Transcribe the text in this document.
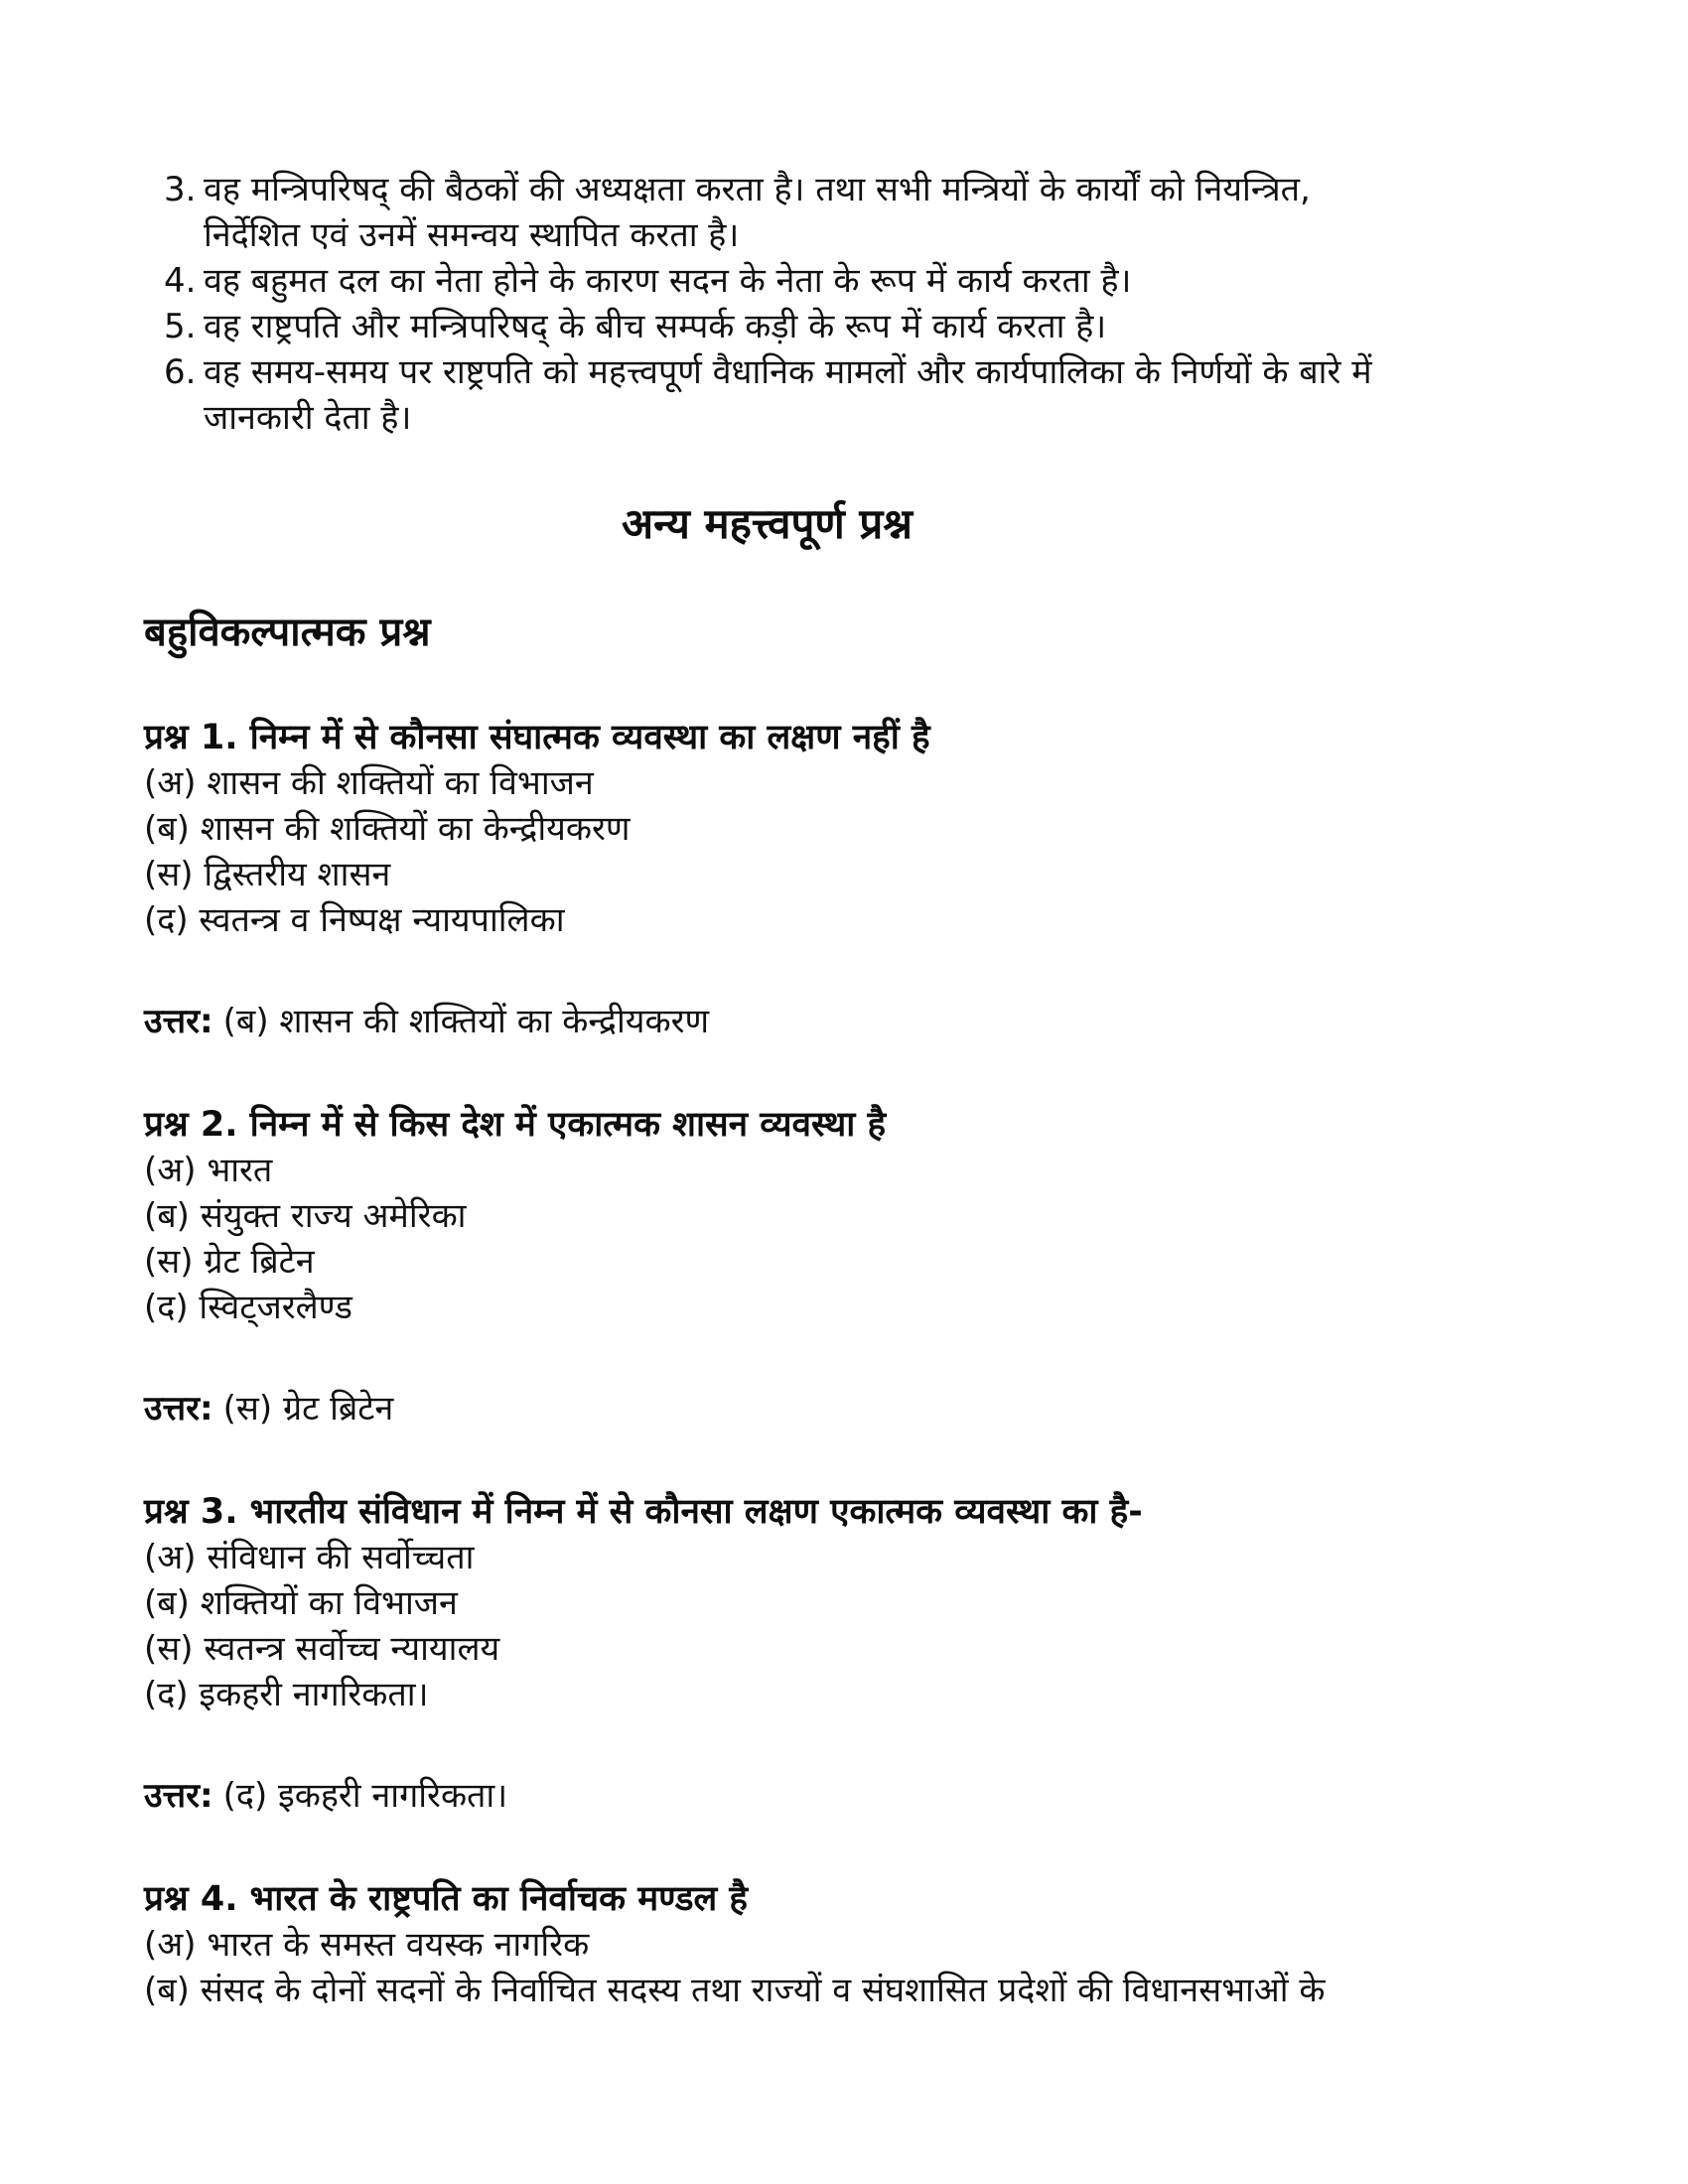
3. वह मन्त्रिपरिषद् की बैठकों की अध्यक्षता करता है। तथा सभी मन्त्रियों के कार्यों को नियन्त्रित, निर्देशित एवं उनमें समन्वय स्थापित करता है।
4. वह बहुमत दल का नेता होने के कारण सदन के नेता के रूप में कार्य करता है।
5. वह राष्ट्रपति और मन्त्रिपरिषद् के बीच सम्पर्क कड़ी के रूप में कार्य करता है।
6. वह समय-समय पर राष्ट्रपति को महत्त्वपूर्ण वैधानिक मामलों और कार्यपालिका के निर्णयों के बारे में जानकारी देता है।
अन्य महत्त्वपूर्ण प्रश्न
बहुविकल्पात्मक प्रश्न
प्रश्न 1. निम्न में से कौनसा संघात्मक व्यवस्था का लक्षण नहीं है
(अ) शासन की शक्तियों का विभाजन
(ब) शासन की शक्तियों का केन्द्रीयकरण
(स) द्विस्तरीय शासन
(द) स्वतन्त्र व निष्पक्ष न्यायपालिका
उत्तर: (ब) शासन की शक्तियों का केन्द्रीयकरण
प्रश्न 2. निम्न में से किस देश में एकात्मक शासन व्यवस्था है
(अ) भारत
(ब) संयुक्त राज्य अमेरिका
(स) ग्रेट ब्रिटेन
(द) स्विट्जरलैण्ड
उत्तर: (स) ग्रेट ब्रिटेन
प्रश्न 3. भारतीय संविधान में निम्न में से कौनसा लक्षण एकात्मक व्यवस्था का है-
(अ) संविधान की सर्वोच्चता
(ब) शक्तियों का विभाजन
(स) स्वतन्त्र सर्वोच्च न्यायालय
(द) इकहरी नागरिकता।
उत्तर: (द) इकहरी नागरिकता।
प्रश्न 4. भारत के राष्ट्रपति का निर्वाचक मण्डल है
(अ) भारत के समस्त वयस्क नागरिक
(ब) संसद के दोनों सदनों के निर्वाचित सदस्य तथा राज्यों व संघशासित प्रदेशों की विधानसभाओं के
